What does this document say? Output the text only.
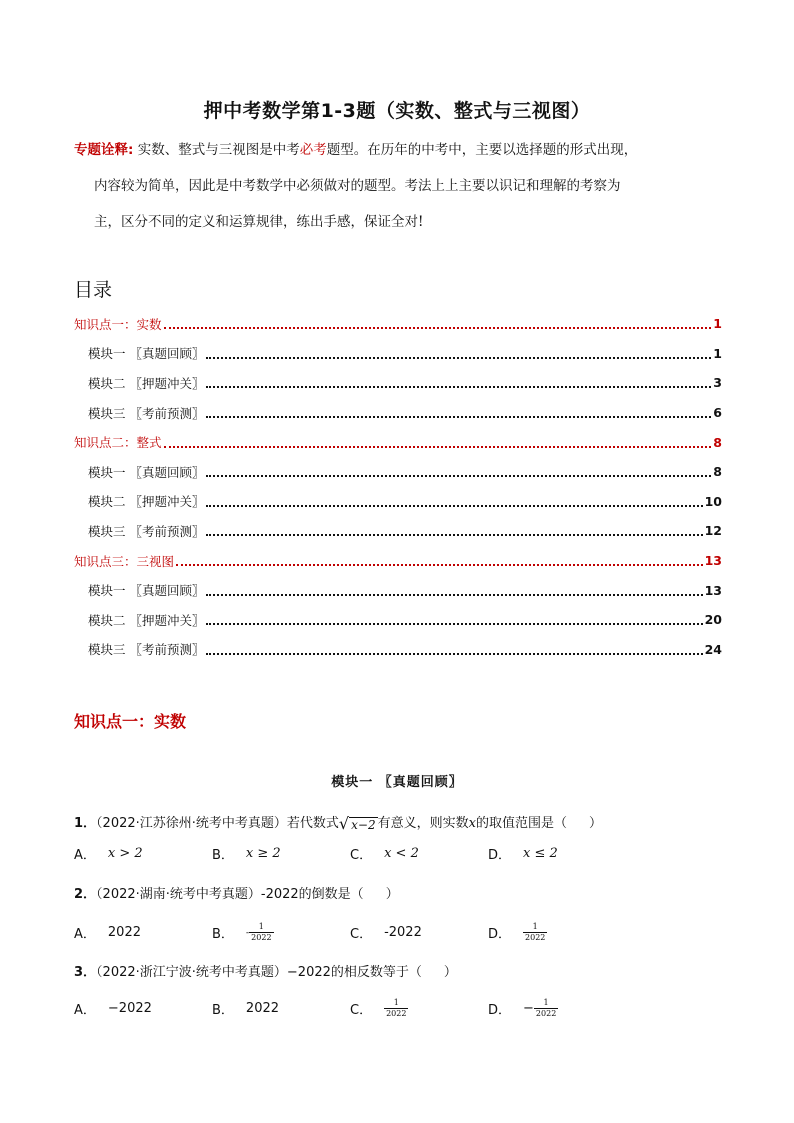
押中考数学第1-3题（实数、整式与三视图）
专题诠释: 实数、整式与三视图是中考必考题型。在历年的中考中，主要以选择题的形式出现，
内容较为简单，因此是中考数学中必须做对的题型。考法上上主要以识记和理解的考察为
主，区分不同的定义和运算规律，练出手感，保证全对!
目录
知识点一：实数	1
模块一 〖真题回顾〗	1
模块二 〖押题冲关〗	3
模块三 〖考前预测〗	6
知识点二：整式	8
模块一 〖真题回顾〗	8
模块二 〖押题冲关〗	10
模块三 〖考前预测〗	12
知识点三：三视图	13
模块一 〖真题回顾〗	13
模块二 〖押题冲关〗	20
模块三 〖考前预测〗	24
知识点一：实数
模块一 〖真题回顾〗
1．（2022·江苏徐州·统考中考真题）若代数式 √ x−2 有意义，则实数x的取值范围是（ ）
A． x > 2	B． x ≥ 2	C． x < 2	D． x ≤ 2
2．（2022·湖南·统考中考真题）-2022的倒数是（ ）
A． 2022	B． - $\frac{1}{2022}$	C． -2022	D． $\frac{1}{2022}$
3．（2022·浙江宁波·统考中考真题）−2022的相反数等于（ ）
A． −2022	B． 2022	C． $\frac{1}{2022}$	D． − $\frac{1}{2022}$
